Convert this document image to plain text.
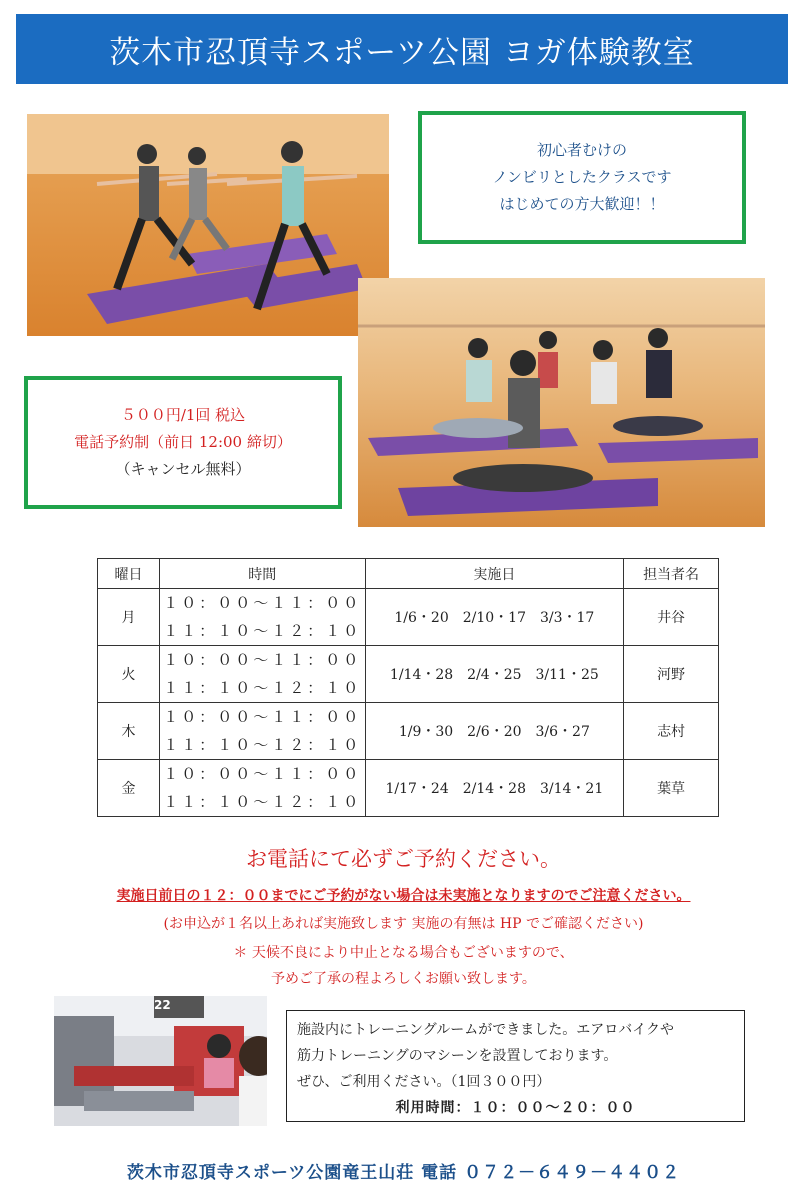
茨木市忍頂寺スポーツ公園 ヨガ体験教室
初心者むけの
ノンビリとしたクラスです
はじめての方大歓迎！！
５００円/1回 税込
電話予約制（前日 12:00 締切）
（キャンセル無料）
曜日	時間	実施日	担当者名
月	１０：００～１１：００
１１：１０～１２：１０	1/6・20　2/10・17　3/3・17	井谷
火	１０：００～１１：００
１１：１０～１２：１０	1/14・28　2/4・25　3/11・25	河野
木	１０：００～１１：００
１１：１０～１２：１０	1/9・30　2/6・20　3/6・27	志村
金	１０：００～１１：００
１１：１０～１２：１０	1/17・24　2/14・28　3/14・21	葉草
お電話にて必ずご予約ください。
実施日前日の１２：００までにご予約がない場合は未実施となりますのでご注意ください。
(お申込が１名以上あれば実施致します 実施の有無は HP でご確認ください)
＊ 天候不良により中止となる場合もございますので、
予めご了承の程よろしくお願い致します。
22
施設内にトレーニングルームができました。エアロバイクや
筋力トレーニングのマシーンを設置しております。
ぜひ、ご利用ください。（1回３００円）
利用時間：１０：００～２０：００
茨木市忍頂寺スポーツ公園竜王山荘 電話 ０７２－６４９－４４０２
